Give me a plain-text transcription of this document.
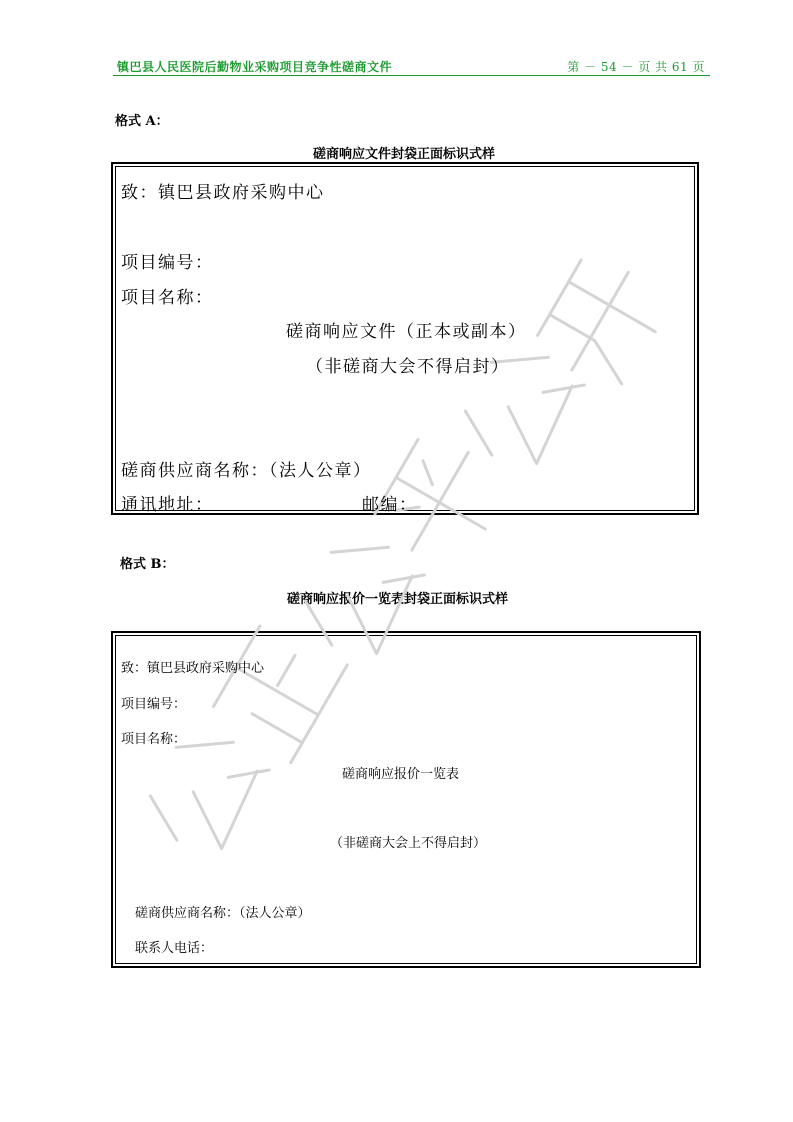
镇巴县人民医院后勤物业采购项目竞争性磋商文件	第 － 54 － 页 共 61 页
格式 A：
磋商响应文件封袋正面标识式样
致：镇巴县政府采购中心
项目编号：
项目名称：
磋商响应文件（正本或副本）
（非磋商大会不得启封）
磋商供应商名称：（法人公章）
通讯地址：	邮编：
格式 B：
磋商响应报价一览表封袋正面标识式样
致：镇巴县政府采购中心
项目编号：
项目名称：
磋商响应报价一览表
（非磋商大会上不得启封）
磋商供应商名称：（法人公章）
联系人电话：
